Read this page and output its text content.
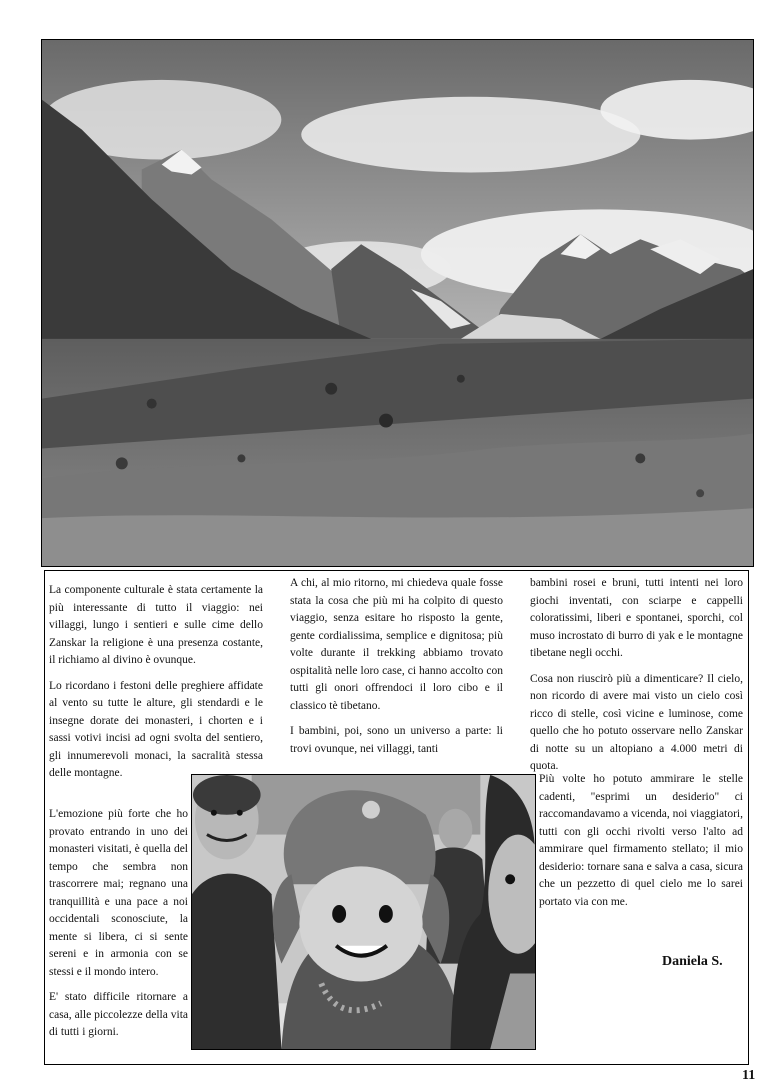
La componente culturale è stata certamente la più interessante di tutto il viaggio: nei villaggi, lungo i sentieri e sulle cime dello Zanskar la religione è una presenza costante, il richiamo al divino è ovunque.

Lo ricordano i festoni delle preghiere affidate al vento su tutte le alture, gli stendardi e le insegne dorate dei monasteri, i chorten e i sassi votivi incisi ad ogni svolta del sentiero, gli innumerevoli monaci, la sacralità stessa delle montagne.

L'emozione più forte che ho provato entrando in uno dei monasteri visitati, è quella del tempo che sembra non trascorrere mai; regnano una tranquillità e una pace a noi occidentali sconosciute, la mente si libera, ci si sente sereni e in armonia con se stessi e il mondo intero.

E' stato difficile ritornare a casa, alle piccolezze della vita di tutti i giorni.

A chi, al mio ritorno, mi chiedeva quale fosse stata la cosa che più mi ha colpito di questo viaggio, senza esitare ho risposto la gente, gente cordialissima, semplice e dignitosa; più volte durante il trekking abbiamo trovato ospitalità nelle loro case, ci hanno accolto con tutti gli onori offrendoci il loro cibo e il classico tè tibetano.

I bambini, poi, sono un universo a parte: li trovi ovunque, nei villaggi, tanti

bambini rosei e bruni, tutti intenti nei loro giochi inventati, con sciarpe e cappelli coloratissimi, liberi e spontanei, sporchi, col muso incrostato di burro di yak e le montagne tibetane negli occhi.

Cosa non riuscirò più a dimenticare? Il cielo, non ricordo di avere mai visto un cielo così ricco di stelle, così vicine e luminose, come quello che ho potuto osservare nello Zanskar di notte su un altopiano a 4.000 metri di quota.

Più volte ho potuto ammirare le stelle cadenti, "esprimi un desiderio" ci raccomandavamo a vicenda, noi viaggiatori, tutti con gli occhi rivolti verso l'alto ad ammirare quel firmamento stellato; il mio desiderio: tornare sana e salva a casa, sicura che un pezzetto di quel cielo me lo sarei portato via con me.

Daniela S.
11
